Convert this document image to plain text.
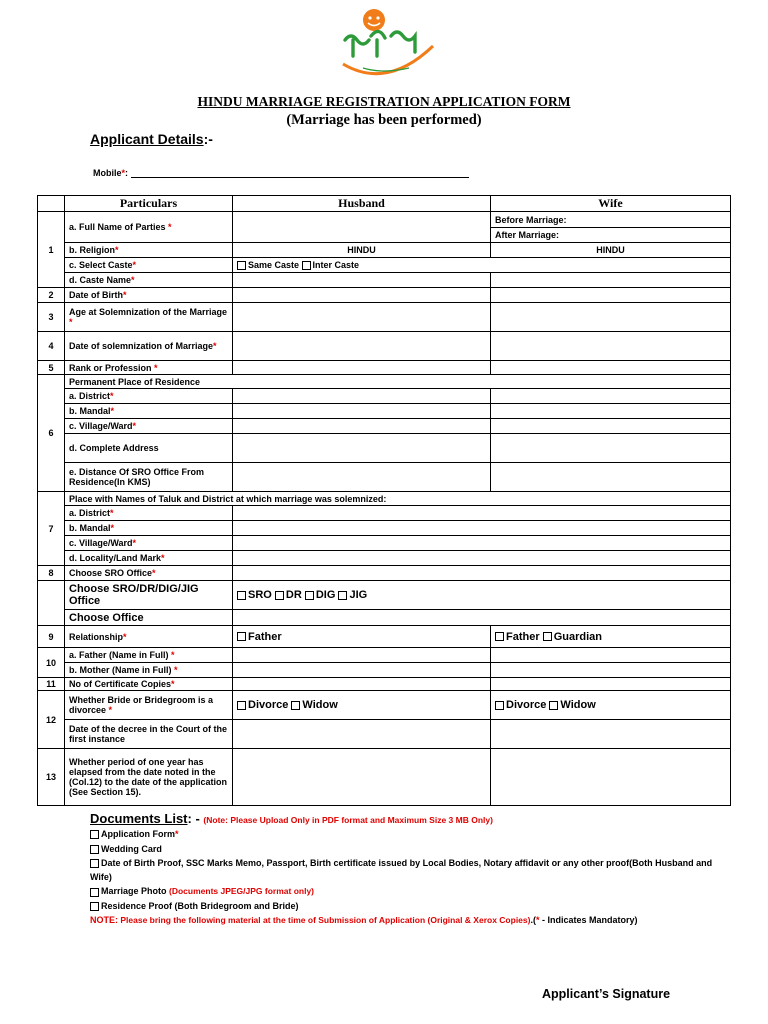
HINDU MARRIAGE REGISTRATION APPLICATION FORM
(Marriage has been performed)
Applicant Details:-
Mobile*:
	Particulars	Husband	Wife
1	a. Full Name of Parties *		Before Marriage:
			After Marriage:
	b. Religion*	HINDU	HINDU
	c. Select Caste*	Same Caste Inter Caste	
	d. Caste Name*		
2	Date of Birth*		
3	Age at Solemnization of the Marriage *		
4	Date of solemnization of Marriage*		
5	Rank or Profession *		
6	Permanent Place of Residence		
	a. District*		
	b. Mandal*		
	c. Village/Ward*		
	d. Complete Address		
	e. Distance Of SRO Office From Residence(In KMS)		
7	Place with Names of Taluk and District at which marriage was solemnized:		
	a. District*		
	b. Mandal*		
	c. Village/Ward*		
	d. Locality/Land Mark*		
8	Choose SRO Office*		
	Choose SRO/DR/DIG/JIG Office	SRO DR DIG JIG	
	Choose Office		
9	Relationship*	Father	Father Guardian
10	a. Father (Name in Full) *		
	b. Mother (Name in Full) *		
11	No of Certificate Copies*		
12	Whether Bride or Bridegroom is a divorcee *	Divorce Widow	Divorce Widow
	Date of the decree in the Court of the first instance		
13	Whether period of one year has elapsed from the date noted in the (Col.12) to the date of the application (See Section 15).		
Documents List: - (Note: Please Upload Only in PDF format and Maximum Size 3 MB Only)
Application Form*
Wedding Card
Date of Birth Proof, SSC Marks Memo, Passport, Birth certificate issued by Local Bodies, Notary affidavit or any other proof(Both Husband and Wife)
Marriage Photo (Documents JPEG/JPG format only)
Residence Proof (Both Bridegroom and Bride)
NOTE: Please bring the following material at the time of Submission of Application (Original & Xerox Copies).(* - Indicates Mandatory)
Applicant’s Signature
